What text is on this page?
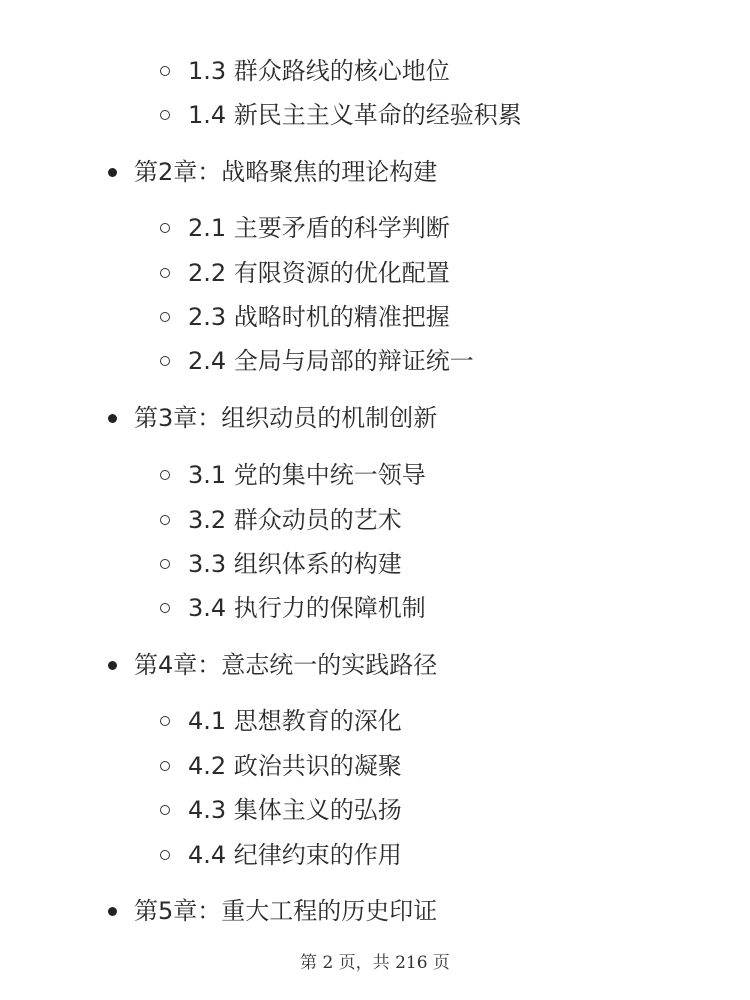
1.3 群众路线的核心地位
1.4 新民主主义革命的经验积累
第2章：战略聚焦的理论构建
2.1 主要矛盾的科学判断
2.2 有限资源的优化配置
2.3 战略时机的精准把握
2.4 全局与局部的辩证统一
第3章：组织动员的机制创新
3.1 党的集中统一领导
3.2 群众动员的艺术
3.3 组织体系的构建
3.4 执行力的保障机制
第4章：意志统一的实践路径
4.1 思想教育的深化
4.2 政治共识的凝聚
4.3 集体主义的弘扬
4.4 纪律约束的作用
第5章：重大工程的历史印证
第 2 页，共 216 页
